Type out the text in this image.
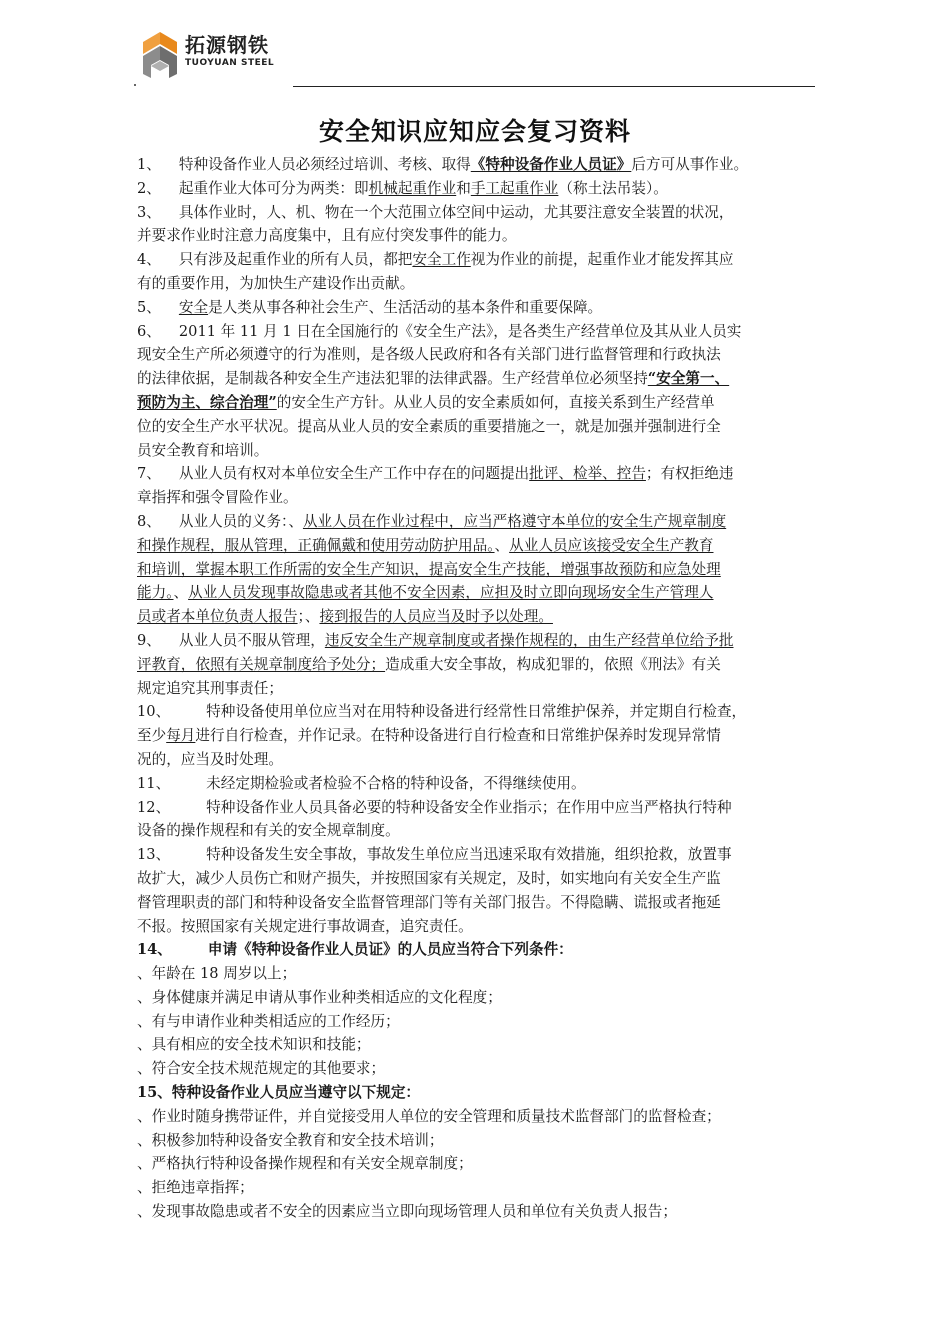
拓源钢铁
TUOYUAN STEEL
安全知识应知应会复习资料

1、 特种设备作业人员必须经过培训、考核、取得《特种设备作业人员证》后方可从事作业。

2、 起重作业大体可分为两类：即机械起重作业和手工起重作业（称土法吊装）。

3、 具体作业时，人、机、物在一个大范围立体空间中运动，尤其要注意安全装置的状况，
并要求作业时注意力高度集中，且有应付突发事件的能力。

4、 只有涉及起重作业的所有人员，都把安全工作视为作业的前提，起重作业才能发挥其应
有的重要作用，为加快生产建设作出贡献。

5、 安全是人类从事各种社会生产、生活活动的基本条件和重要保障。

6、 2011 年 11 月 1 日在全国施行的《安全生产法》，是各类生产经营单位及其从业人员实
现安全生产所必须遵守的行为准则，是各级人民政府和各有关部门进行监督管理和行政执法
的法律依据，是制裁各种安全生产违法犯罪的法律武器。生产经营单位必须坚持“安全第一、
预防为主、综合治理”的安全生产方针。从业人员的安全素质如何，直接关系到生产经营单
位的安全生产水平状况。提高从业人员的安全素质的重要措施之一，就是加强并强制进行全
员安全教育和培训。

7、 从业人员有权对本单位安全生产工作中存在的问题提出批评、检举、控告；有权拒绝违
章指挥和强令冒险作业。

8、 从业人员的义务：、从业人员在作业过程中，应当严格遵守本单位的安全生产规章制度
和操作规程，服从管理，正确佩戴和使用劳动防护用品。、从业人员应该接受安全生产教育
和培训，掌握本职工作所需的安全生产知识，提高安全生产技能，增强事故预防和应急处理
能力。、从业人员发现事故隐患或者其他不安全因素，应担及时立即向现场安全生产管理人
员或者本单位负责人报告；、接到报告的人员应当及时予以处理。

9、 从业人员不服从管理，违反安全生产规章制度或者操作规程的，由生产经营单位给予批
评教育，依照有关规章制度给予处分；造成重大安全事故，构成犯罪的，依照《刑法》有关
规定追究其刑事责任；

10、 特种设备使用单位应当对在用特种设备进行经常性日常维护保养，并定期自行检查，
至少每月进行自行检查，并作记录。在特种设备进行自行检查和日常维护保养时发现异常情
况的，应当及时处理。

11、 未经定期检验或者检验不合格的特种设备，不得继续使用。

12、 特种设备作业人员具备必要的特种设备安全作业指示；在作用中应当严格执行特种
设备的操作规程和有关的安全规章制度。

13、 特种设备发生安全事故，事故发生单位应当迅速采取有效措施，组织抢救，放置事
故扩大，减少人员伤亡和财产损失，并按照国家有关规定，及时，如实地向有关安全生产监
督管理职责的部门和特种设备安全监督管理部门等有关部门报告。不得隐瞒、谎报或者拖延
不报。按照国家有关规定进行事故调查，追究责任。

14、 申请《特种设备作业人员证》的人员应当符合下列条件：
、年龄在 18 周岁以上；
、身体健康并满足申请从事作业种类相适应的文化程度；
、有与申请作业种类相适应的工作经历；
、具有相应的安全技术知识和技能；
、符合安全技术规范规定的其他要求；

15、特种设备作业人员应当遵守以下规定：
、作业时随身携带证件，并自觉接受用人单位的安全管理和质量技术监督部门的监督检查；
、积极参加特种设备安全教育和安全技术培训；
、严格执行特种设备操作规程和有关安全规章制度；
、拒绝违章指挥；
、发现事故隐患或者不安全的因素应当立即向现场管理人员和单位有关负责人报告；
